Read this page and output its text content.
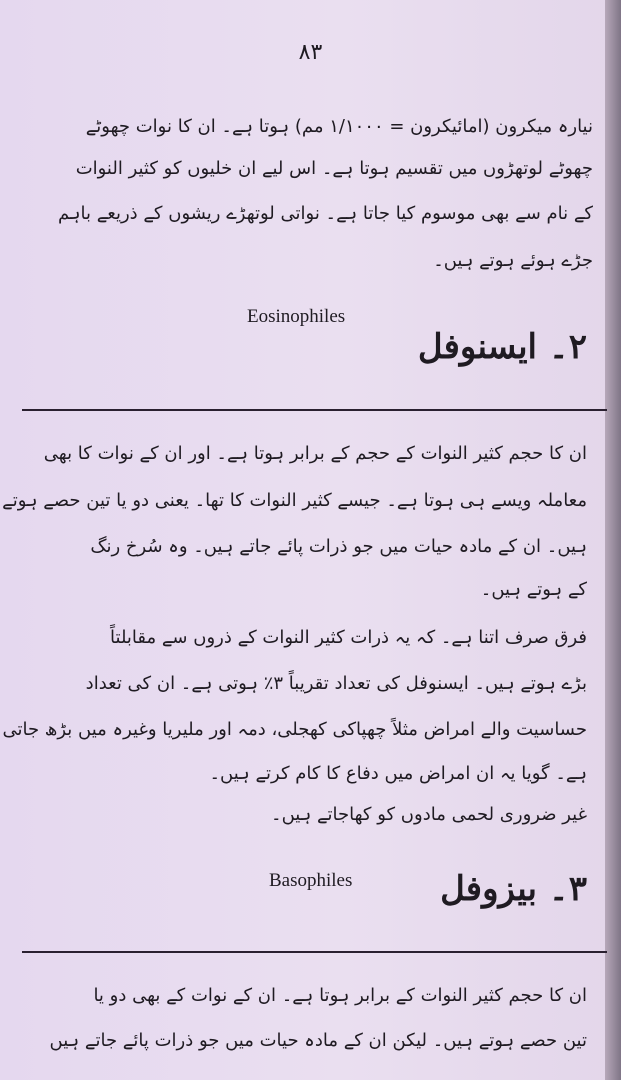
۸۳
نیارہ میکرون (امائیکرون = ۱/۱۰۰۰ مم) ہوتا ہے۔ ان کا نوات چھوٹے
چھوٹے لوتھڑوں میں تقسیم ہوتا ہے۔ اس لیے ان خلیوں کو کثیر النوات
کے نام سے بھی موسوم کیا جاتا ہے۔ نواتی لوتھڑے ریشوں کے ذریعے باہم
جڑے ہوئے ہوتے ہیں۔
Eosinophiles
۲۔ ایسنوفل
ان کا حجم کثیر النوات کے حجم کے برابر ہوتا ہے۔ اور ان کے نوات کا بھی
معاملہ ویسے ہی ہوتا ہے۔ جیسے کثیر النوات کا تھا۔ یعنی دو یا تین حصے ہوتے
ہیں۔ ان کے مادہ حیات میں جو ذرات پائے جاتے ہیں۔ وہ سُرخ رنگ
کے ہوتے ہیں۔
فرق صرف اتنا ہے۔ کہ یہ ذرات کثیر النوات کے ذروں سے مقابلتاً
بڑے ہوتے ہیں۔ ایسنوفل کی تعداد تقریباً ۳٪ ہوتی ہے۔ ان کی تعداد
حساسیت والے امراض مثلاً چھپاکی کھجلی، دمہ اور ملیریا وغیرہ میں بڑھ جاتی
ہے۔ گویا یہ ان امراض میں دفاع کا کام کرتے ہیں۔
غیر ضروری لحمی مادوں کو کھاجاتے ہیں۔
Basophiles	۳۔ بیزوفل
ان کا حجم کثیر النوات کے برابر ہوتا ہے۔ ان کے نوات کے بھی دو یا
تین حصے ہوتے ہیں۔ لیکن ان کے مادہ حیات میں جو ذرات پائے جاتے ہیں
